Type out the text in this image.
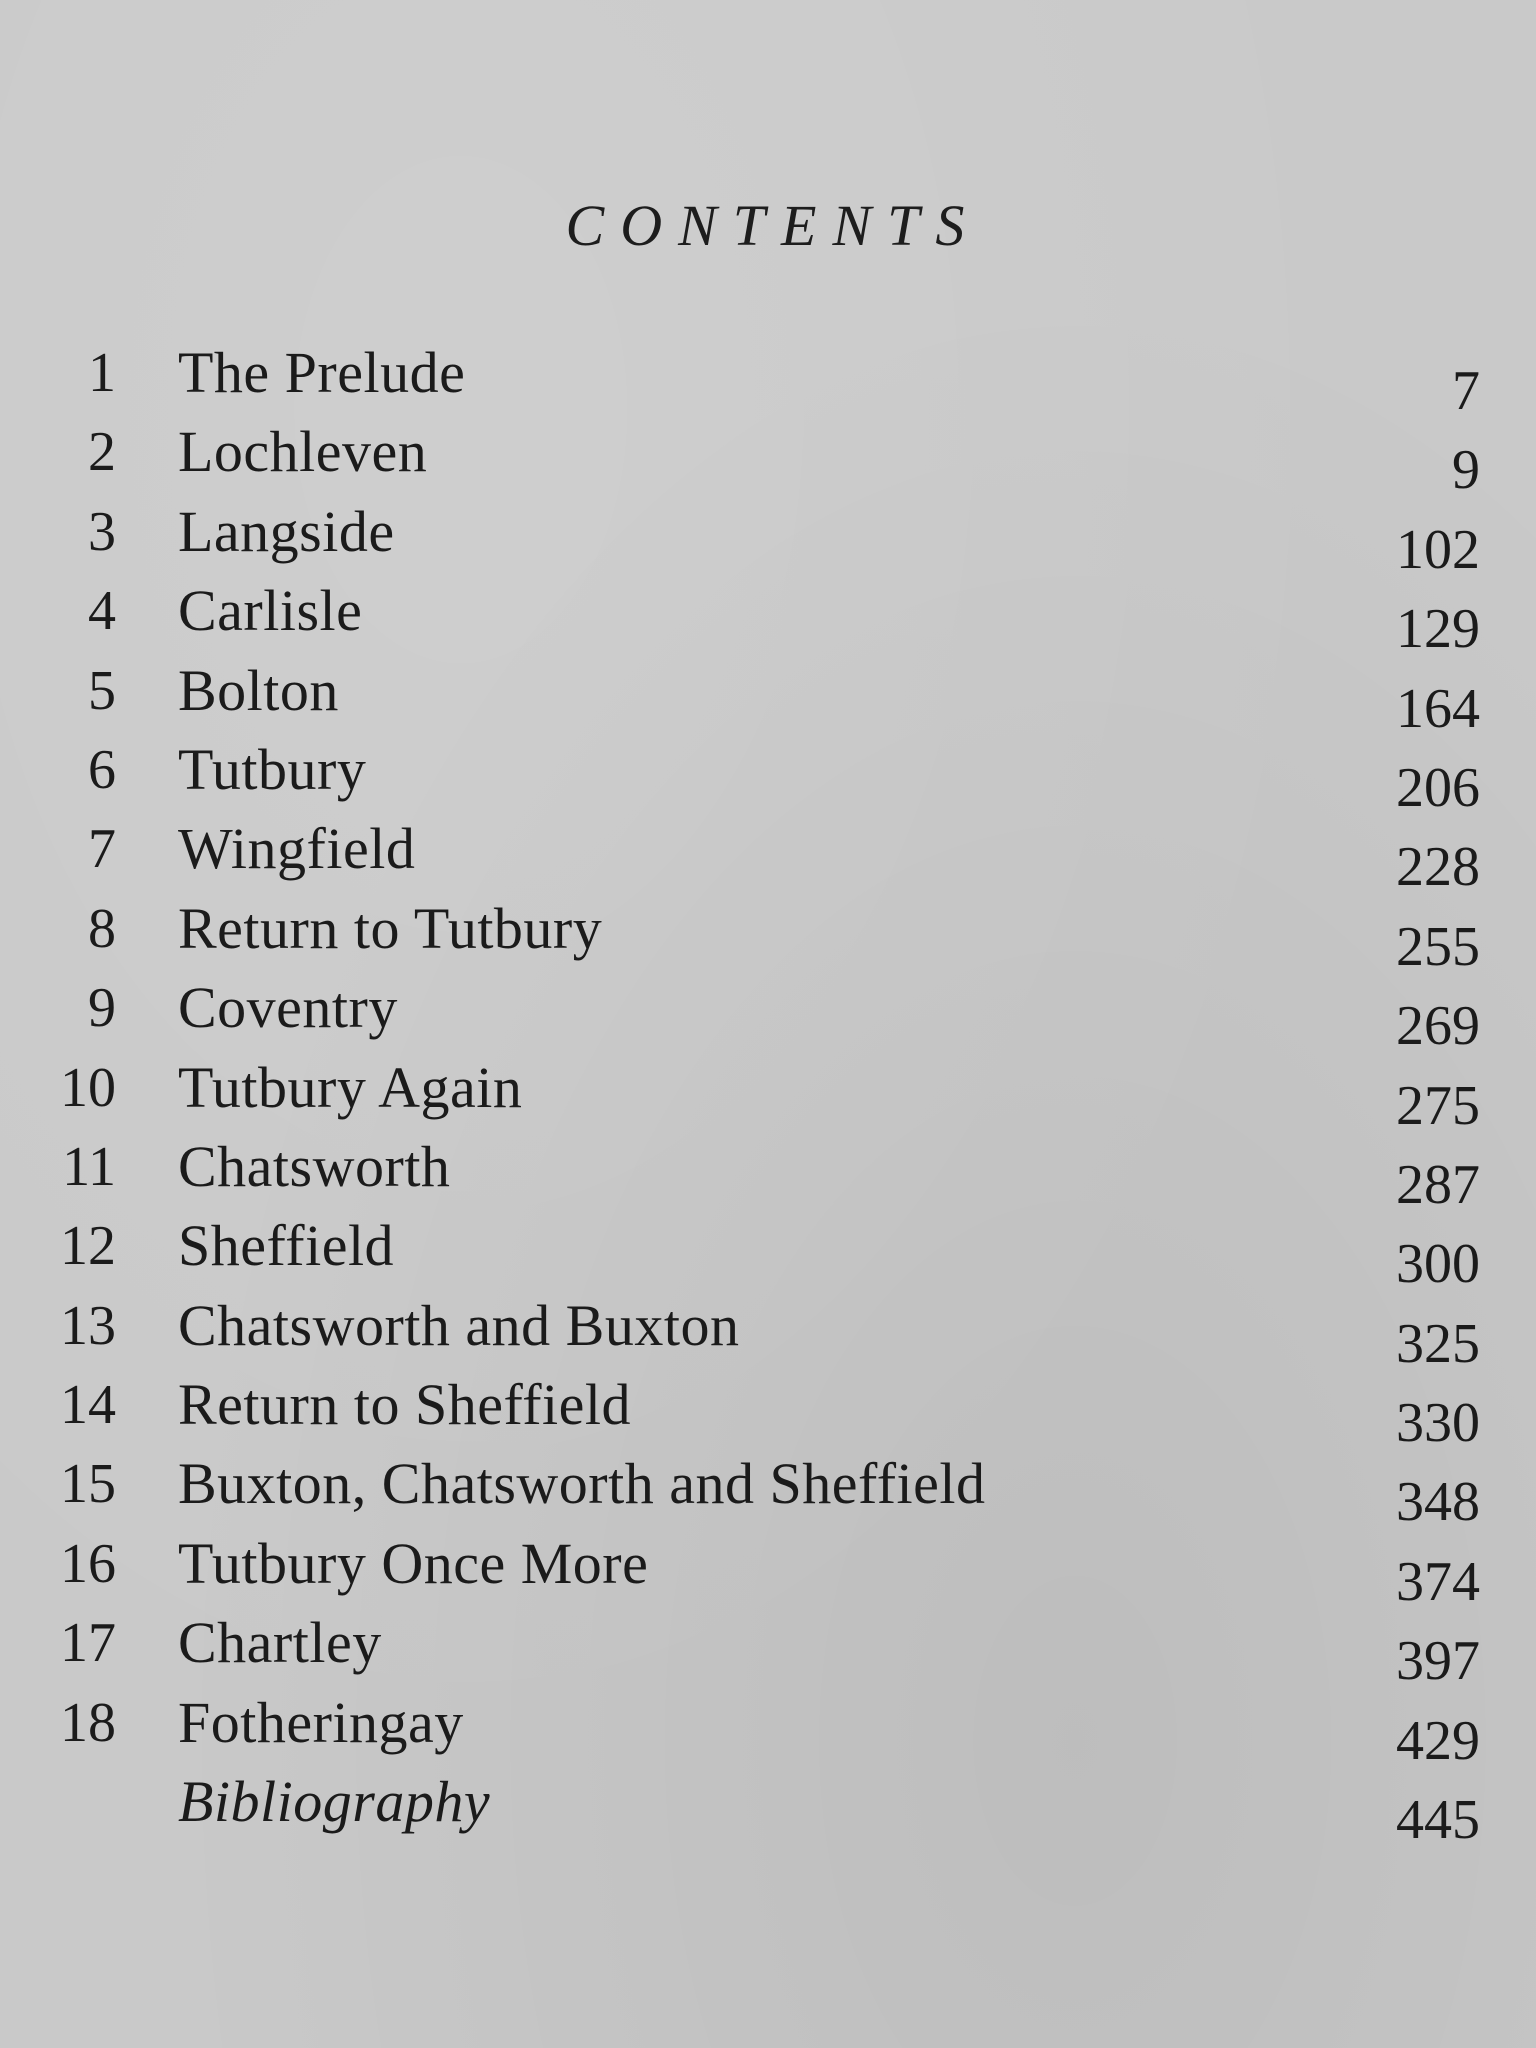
CONTENTS
1 The Prelude	7
2 Lochleven	9
3 Langside	102
4 Carlisle	129
5 Bolton	164
6 Tutbury	206
7 Wingfield	228
8 Return to Tutbury	255
9 Coventry	269
10 Tutbury Again	275
11 Chatsworth	287
12 Sheffield	300
13 Chatsworth and Buxton	325
14 Return to Sheffield	330
15 Buxton, Chatsworth and Sheffield	348
16 Tutbury Once More	374
17 Chartley	397
18 Fotheringay	429
Bibliography	445
